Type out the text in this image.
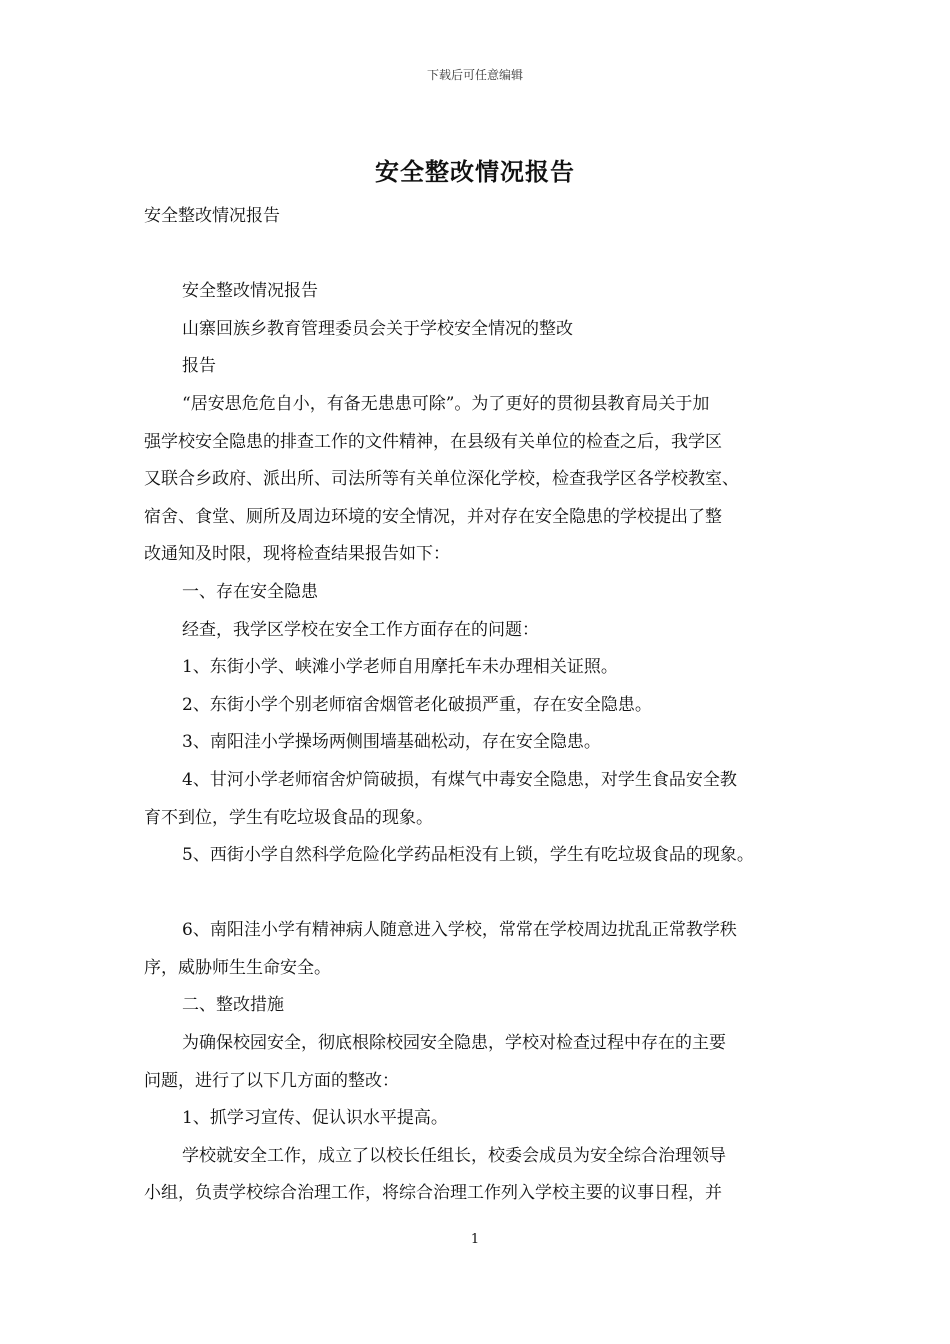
下载后可任意编辑
安全整改情况报告
安全整改情况报告
安全整改情况报告
山寨回族乡教育管理委员会关于学校安全情况的整改
报告
“居安思危危自小，有备无患患可除”。为了更好的贯彻县教育局关于加
强学校安全隐患的排查工作的文件精神，在县级有关单位的检查之后，我学区
又联合乡政府、派出所、司法所等有关单位深化学校，检查我学区各学校教室、
宿舍、食堂、厕所及周边环境的安全情况，并对存在安全隐患的学校提出了整
改通知及时限，现将检查结果报告如下：
一、存在安全隐患
经查，我学区学校在安全工作方面存在的问题：
1、东街小学、峡滩小学老师自用摩托车未办理相关证照。
2、东街小学个别老师宿舍烟管老化破损严重，存在安全隐患。
3、南阳洼小学操场两侧围墙基础松动，存在安全隐患。
4、甘河小学老师宿舍炉筒破损，有煤气中毒安全隐患，对学生食品安全教
育不到位，学生有吃垃圾食品的现象。
5、西街小学自然科学危险化学药品柜没有上锁，学生有吃垃圾食品的现象。
6、南阳洼小学有精神病人随意进入学校，常常在学校周边扰乱正常教学秩
序，威胁师生生命安全。
二、整改措施
为确保校园安全，彻底根除校园安全隐患，学校对检查过程中存在的主要
问题，进行了以下几方面的整改：
1、抓学习宣传、促认识水平提高。
学校就安全工作，成立了以校长任组长，校委会成员为安全综合治理领导
小组，负责学校综合治理工作，将综合治理工作列入学校主要的议事日程，并
1
